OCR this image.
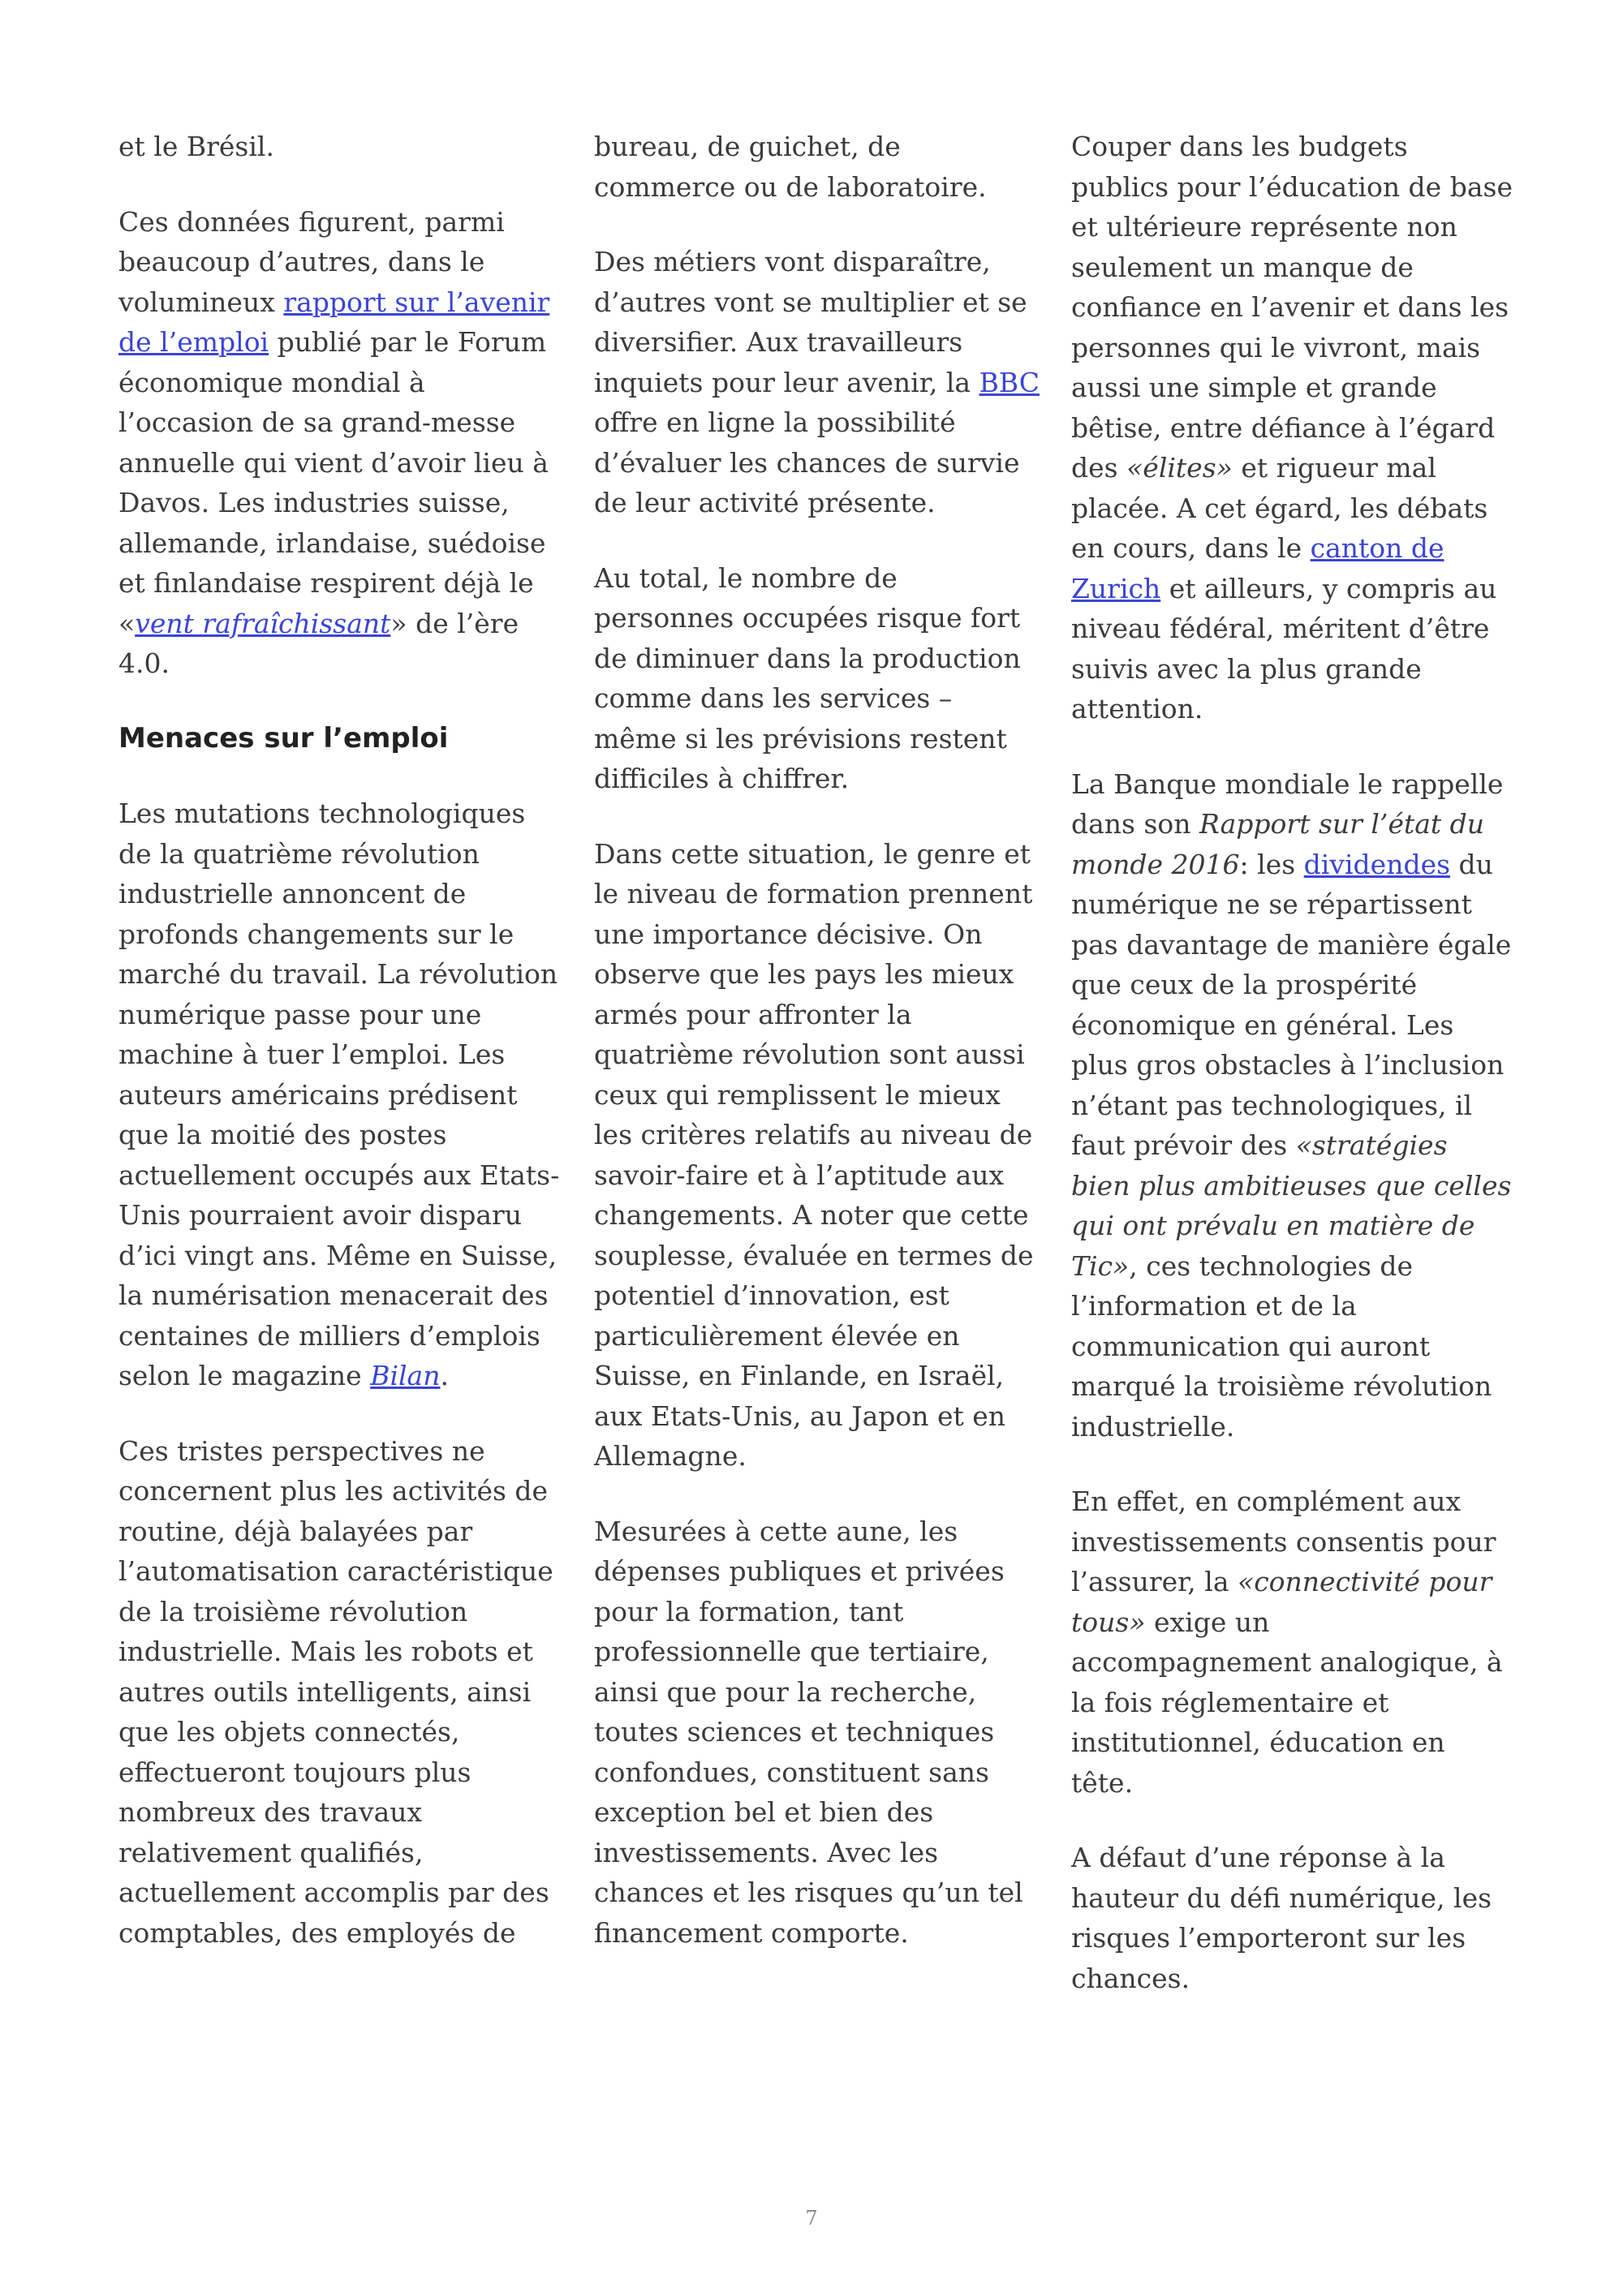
et le Brésil.

Ces données figurent, parmi beaucoup d’autres, dans le volumineux rapport sur l’avenir de l’emploi publié par le Forum économique mondial à l’occasion de sa grand-messe annuelle qui vient d’avoir lieu à Davos. Les industries suisse, allemande, irlandaise, suédoise et finlandaise respirent déjà le «vent rafraîchissant» de l’ère 4.0.

Menaces sur l’emploi

Les mutations technologiques de la quatrième révolution industrielle annoncent de profonds changements sur le marché du travail. La révolution numérique passe pour une machine à tuer l’emploi. Les auteurs américains prédisent que la moitié des postes actuellement occupés aux Etats-Unis pourraient avoir disparu d’ici vingt ans. Même en Suisse, la numérisation menacerait des centaines de milliers d’emplois selon le magazine Bilan.

Ces tristes perspectives ne concernent plus les activités de routine, déjà balayées par l’automatisation caractéristique de la troisième révolution industrielle. Mais les robots et autres outils intelligents, ainsi que les objets connectés, effectueront toujours plus nombreux des travaux relativement qualifiés, actuellement accomplis par des comptables, des employés de

bureau, de guichet, de commerce ou de laboratoire.

Des métiers vont disparaître, d’autres vont se multiplier et se diversifier. Aux travailleurs inquiets pour leur avenir, la BBC offre en ligne la possibilité d’évaluer les chances de survie de leur activité présente.

Au total, le nombre de personnes occupées risque fort de diminuer dans la production comme dans les services – même si les prévisions restent difficiles à chiffrer.

Dans cette situation, le genre et le niveau de formation prennent une importance décisive. On observe que les pays les mieux armés pour affronter la quatrième révolution sont aussi ceux qui remplissent le mieux les critères relatifs au niveau de savoir-faire et à l’aptitude aux changements. A noter que cette souplesse, évaluée en termes de potentiel d’innovation, est particulièrement élevée en Suisse, en Finlande, en Israël, aux Etats-Unis, au Japon et en Allemagne.

Mesurées à cette aune, les dépenses publiques et privées pour la formation, tant professionnelle que tertiaire, ainsi que pour la recherche, toutes sciences et techniques confondues, constituent sans exception bel et bien des investissements. Avec les chances et les risques qu’un tel financement comporte.

Couper dans les budgets publics pour l’éducation de base et ultérieure représente non seulement un manque de confiance en l’avenir et dans les personnes qui le vivront, mais aussi une simple et grande bêtise, entre défiance à l’égard des «élites» et rigueur mal placée. A cet égard, les débats en cours, dans le canton de Zurich et ailleurs, y compris au niveau fédéral, méritent d’être suivis avec la plus grande attention.

La Banque mondiale le rappelle dans son Rapport sur l’état du monde 2016: les dividendes du numérique ne se répartissent pas davantage de manière égale que ceux de la prospérité économique en général. Les plus gros obstacles à l’inclusion n’étant pas technologiques, il faut prévoir des «stratégies bien plus ambitieuses que celles qui ont prévalu en matière de Tic», ces technologies de l’information et de la communication qui auront marqué la troisième révolution industrielle.

En effet, en complément aux investissements consentis pour l’assurer, la «connectivité pour tous» exige un accompagnement analogique, à la fois réglementaire et institutionnel, éducation en tête.

A défaut d’une réponse à la hauteur du défi numérique, les risques l’emporteront sur les chances.

7
